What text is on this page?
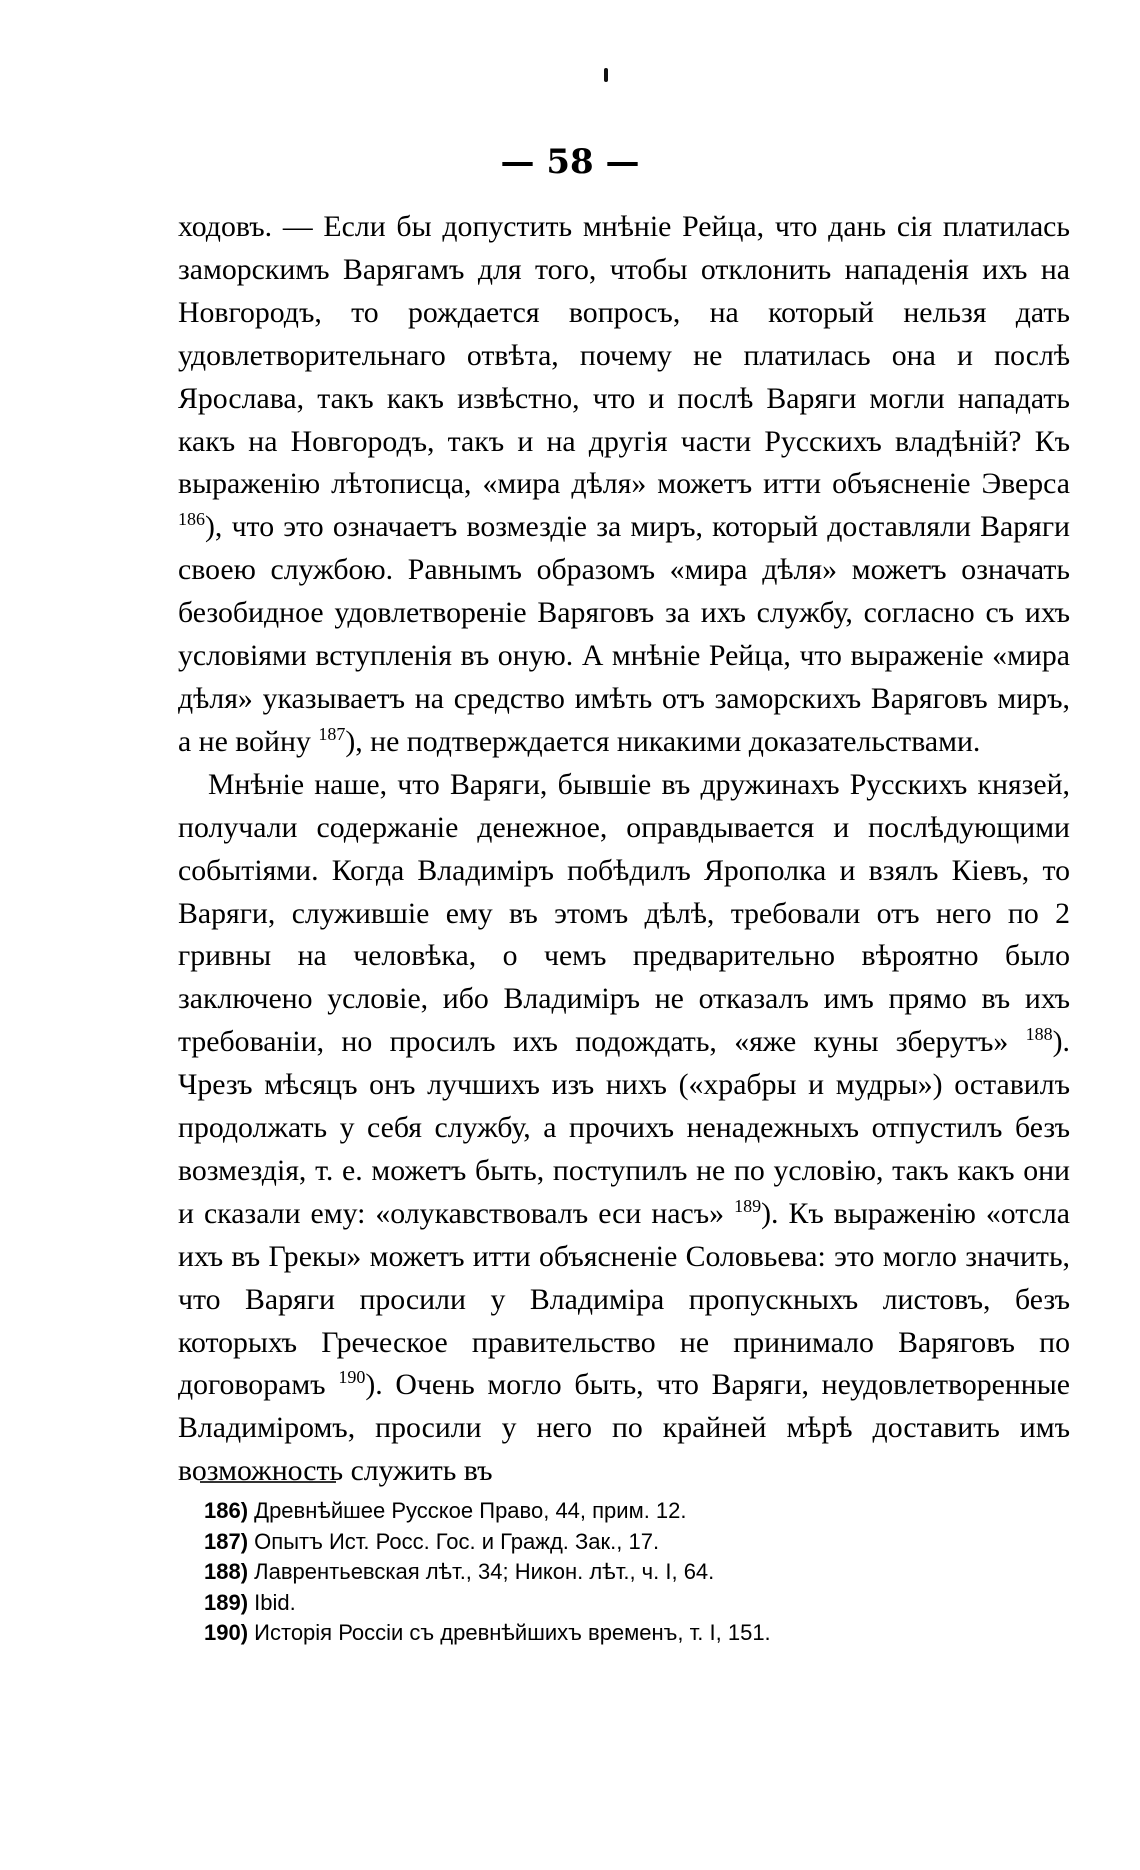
— 58 —

ходовъ. — Если бы допустить мнѣніе Рейца, что дань сія платилась заморскимъ Варягамъ для того, чтобы отклонить нападенія ихъ на Новгородъ, то рождается вопросъ, на который нельзя дать удовлетворительнаго отвѣта, почему не платилась она и послѣ Ярослава, такъ какъ извѣстно, что и послѣ Варяги могли нападать какъ на Новгородъ, такъ и на другія части Русскихъ владѣній? Къ выраженію лѣтописца, «мира дѣля» можетъ итти объясненіе Эверса $^{186}$), что это означаетъ возмездіе за миръ, который доставляли Варяги своею службою. Равнымъ образомъ «мира дѣля» можетъ означать безобидное удовлетвореніе Варяговъ за ихъ службу, согласно съ ихъ условіями вступленія въ оную. А мнѣніе Рейца, что выраженіе «мира дѣля» указываетъ на средство имѣть отъ заморскихъ Варяговъ миръ, а не войну $^{187}$), не подтверждается никакими доказательствами.

Мнѣніе наше, что Варяги, бывшіе въ дружинахъ Русскихъ князей, получали содержаніе денежное, оправдывается и послѣдующими событіями. Когда Владиміръ побѣдилъ Ярополка и взялъ Кіевъ, то Варяги, служившіе ему въ этомъ дѣлѣ, требовали отъ него по 2 гривны на человѣка, о чемъ предварительно вѣроятно было заключено условіе, ибо Владиміръ не отказалъ имъ прямо въ ихъ требованіи, но просилъ ихъ подождать, «яже куны зберутъ» $^{188}$). Чрезъ мѣсяцъ онъ лучшихъ изъ нихъ («храбры и мудры») оставилъ продолжать у себя службу, а прочихъ ненадежныхъ отпустилъ безъ возмездія, т. е. можетъ быть, поступилъ не по условію, такъ какъ они и сказали ему: «олукавствовалъ еси насъ» $^{189}$). Къ выраженію «отсла ихъ въ Грекы» можетъ итти объясненіе Соловьева: это могло значить, что Варяги просили у Владиміра пропускныхъ листовъ, безъ которыхъ Греческое правительство не принимало Варяговъ по договорамъ $^{190}$). Очень могло быть, что Варяги, неудовлетворенные Владиміромъ, просили у него по крайней мѣрѣ доставить имъ возможность служить въ

186) Древнѣйшее Русское Право, 44, прим. 12.

187) Опытъ Ист. Росс. Гос. и Гражд. Зак., 17.

188) Лаврентьевская лѣт., 34; Никон. лѣт., ч. I, 64.

189) Ibid.

190) Исторія Россіи съ древнѣйшихъ временъ, т. I, 151.
